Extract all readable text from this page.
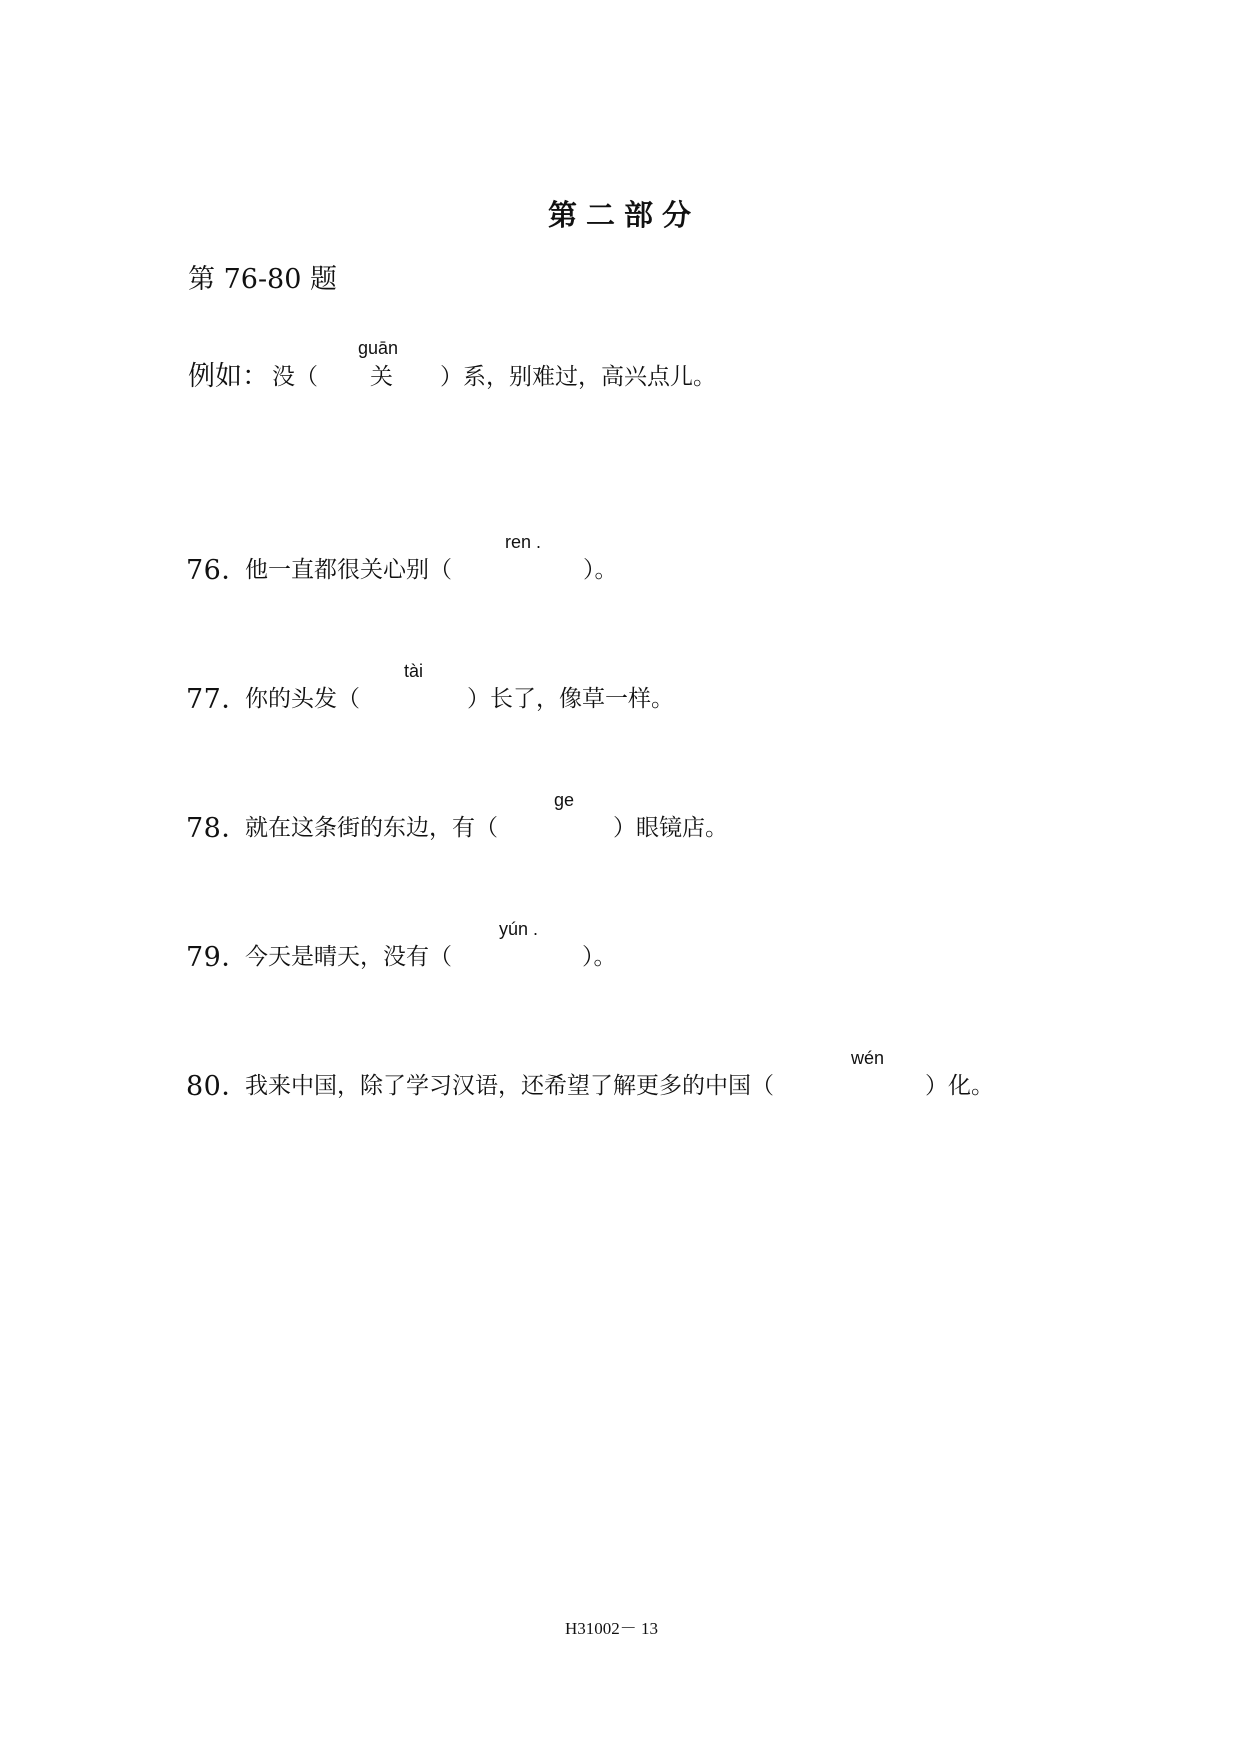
第二部分
第 76-80 题
例如： 没（
guān
关 ） 系，别难过，高兴点儿。
76．
他一直都很关心别（
ren .
）。
77．
你的头发（
tài
）长了，像草一样。
78．
就在这条街的东边，有（
ge
）眼镜店。
79．
今天是晴天，没有（
yún .
）。
80．
我来中国，除了学习汉语，还希望了解更多的中国（
wén
）化。
H31002－ 13
